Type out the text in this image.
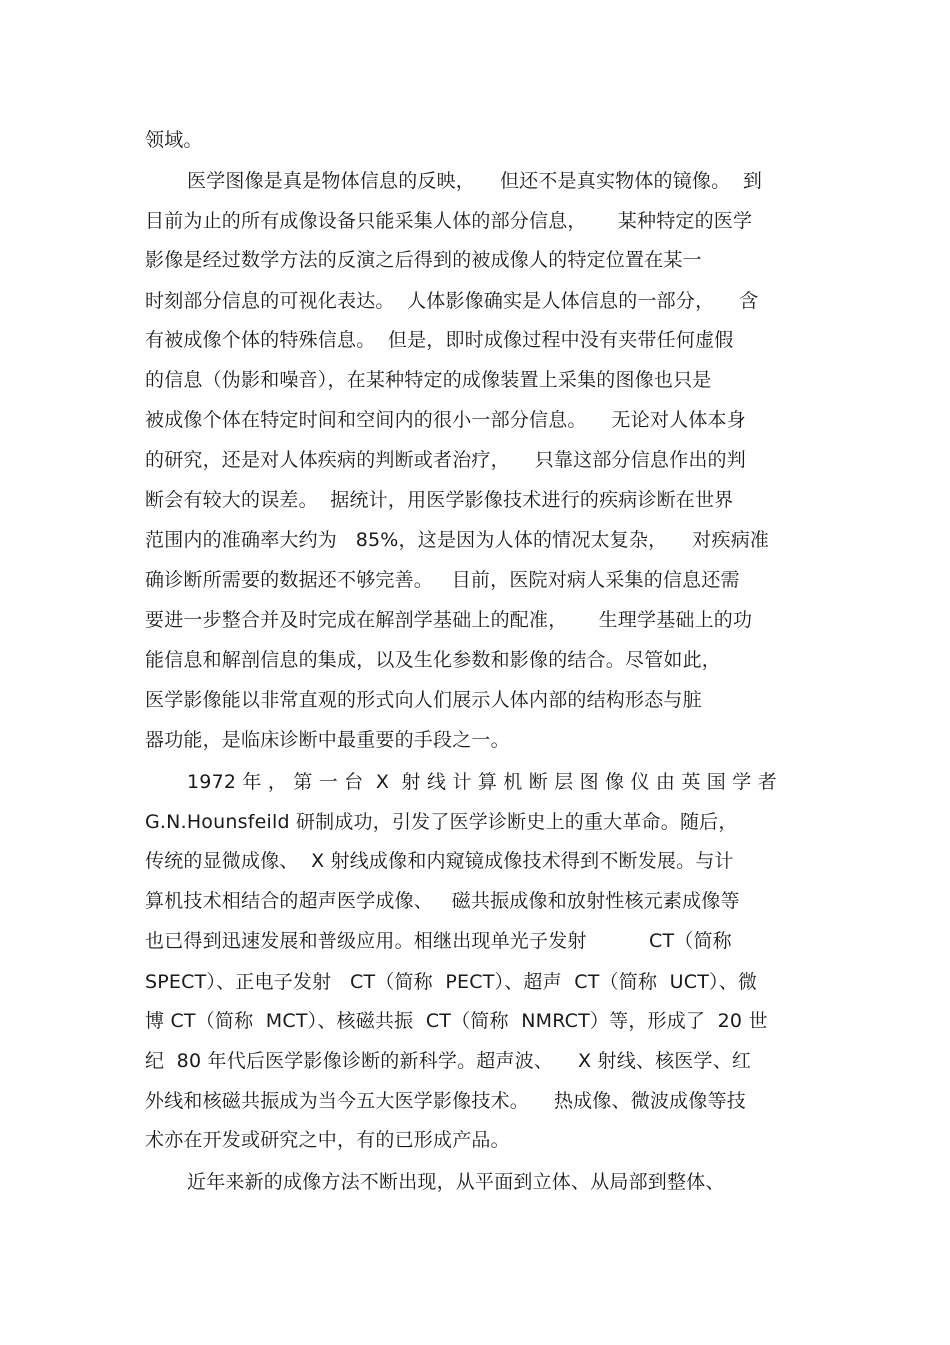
领域。
医学图像是真是物体信息的反映，    但还不是真实物体的镜像。  到
目前为止的所有成像设备只能采集人体的部分信息，     某种特定的医学
影像是经过数学方法的反演之后得到的被成像人的特定位置在某一
时刻部分信息的可视化表达。  人体影像确实是人体信息的一部分，    含
有被成像个体的特殊信息。  但是，即时成像过程中没有夹带任何虚假
的信息（伪影和噪音），在某种特定的成像装置上采集的图像也只是
被成像个体在特定时间和空间内的很小一部分信息。    无论对人体本身
的研究，还是对人体疾病的判断或者治疗，    只靠这部分信息作出的判
断会有较大的误差。  据统计，用医学影像技术进行的疾病诊断在世界
范围内的准确率大约为   85%，这是因为人体的情况太复杂，    对疾病准
确诊断所需要的数据还不够完善。   目前，医院对病人采集的信息还需
要进一步整合并及时完成在解剖学基础上的配准，     生理学基础上的功
能信息和解剖信息的集成，以及生化参数和影像的结合。尽管如此，
医学影像能以非常直观的形式向人们展示人体内部的结构形态与脏
器功能，是临床诊断中最重要的手段之一。
1972 年 ， 第 一 台  X  射 线 计 算 机 断 层 图 像 仪 由 英 国 学 者
G.N.Hounsfeild 研制成功，引发了医学诊断史上的重大革命。随后，
传统的显微成像、  X 射线成像和内窥镜成像技术得到不断发展。与计
算机技术相结合的超声医学成像、   磁共振成像和放射性核元素成像等
也已得到迅速发展和普级应用。相继出现单光子发射          CT（简称
SPECT）、正电子发射   CT（简称  PECT）、超声  CT（简称  UCT）、微
博 CT（简称  MCT）、核磁共振  CT（简称  NMRCT）等，形成了  20 世
纪  80 年代后医学影像诊断的新科学。超声波、    X 射线、核医学、红
外线和核磁共振成为当今五大医学影像技术。    热成像、微波成像等技
术亦在开发或研究之中，有的已形成产品。
近年来新的成像方法不断出现，从平面到立体、从局部到整体、
